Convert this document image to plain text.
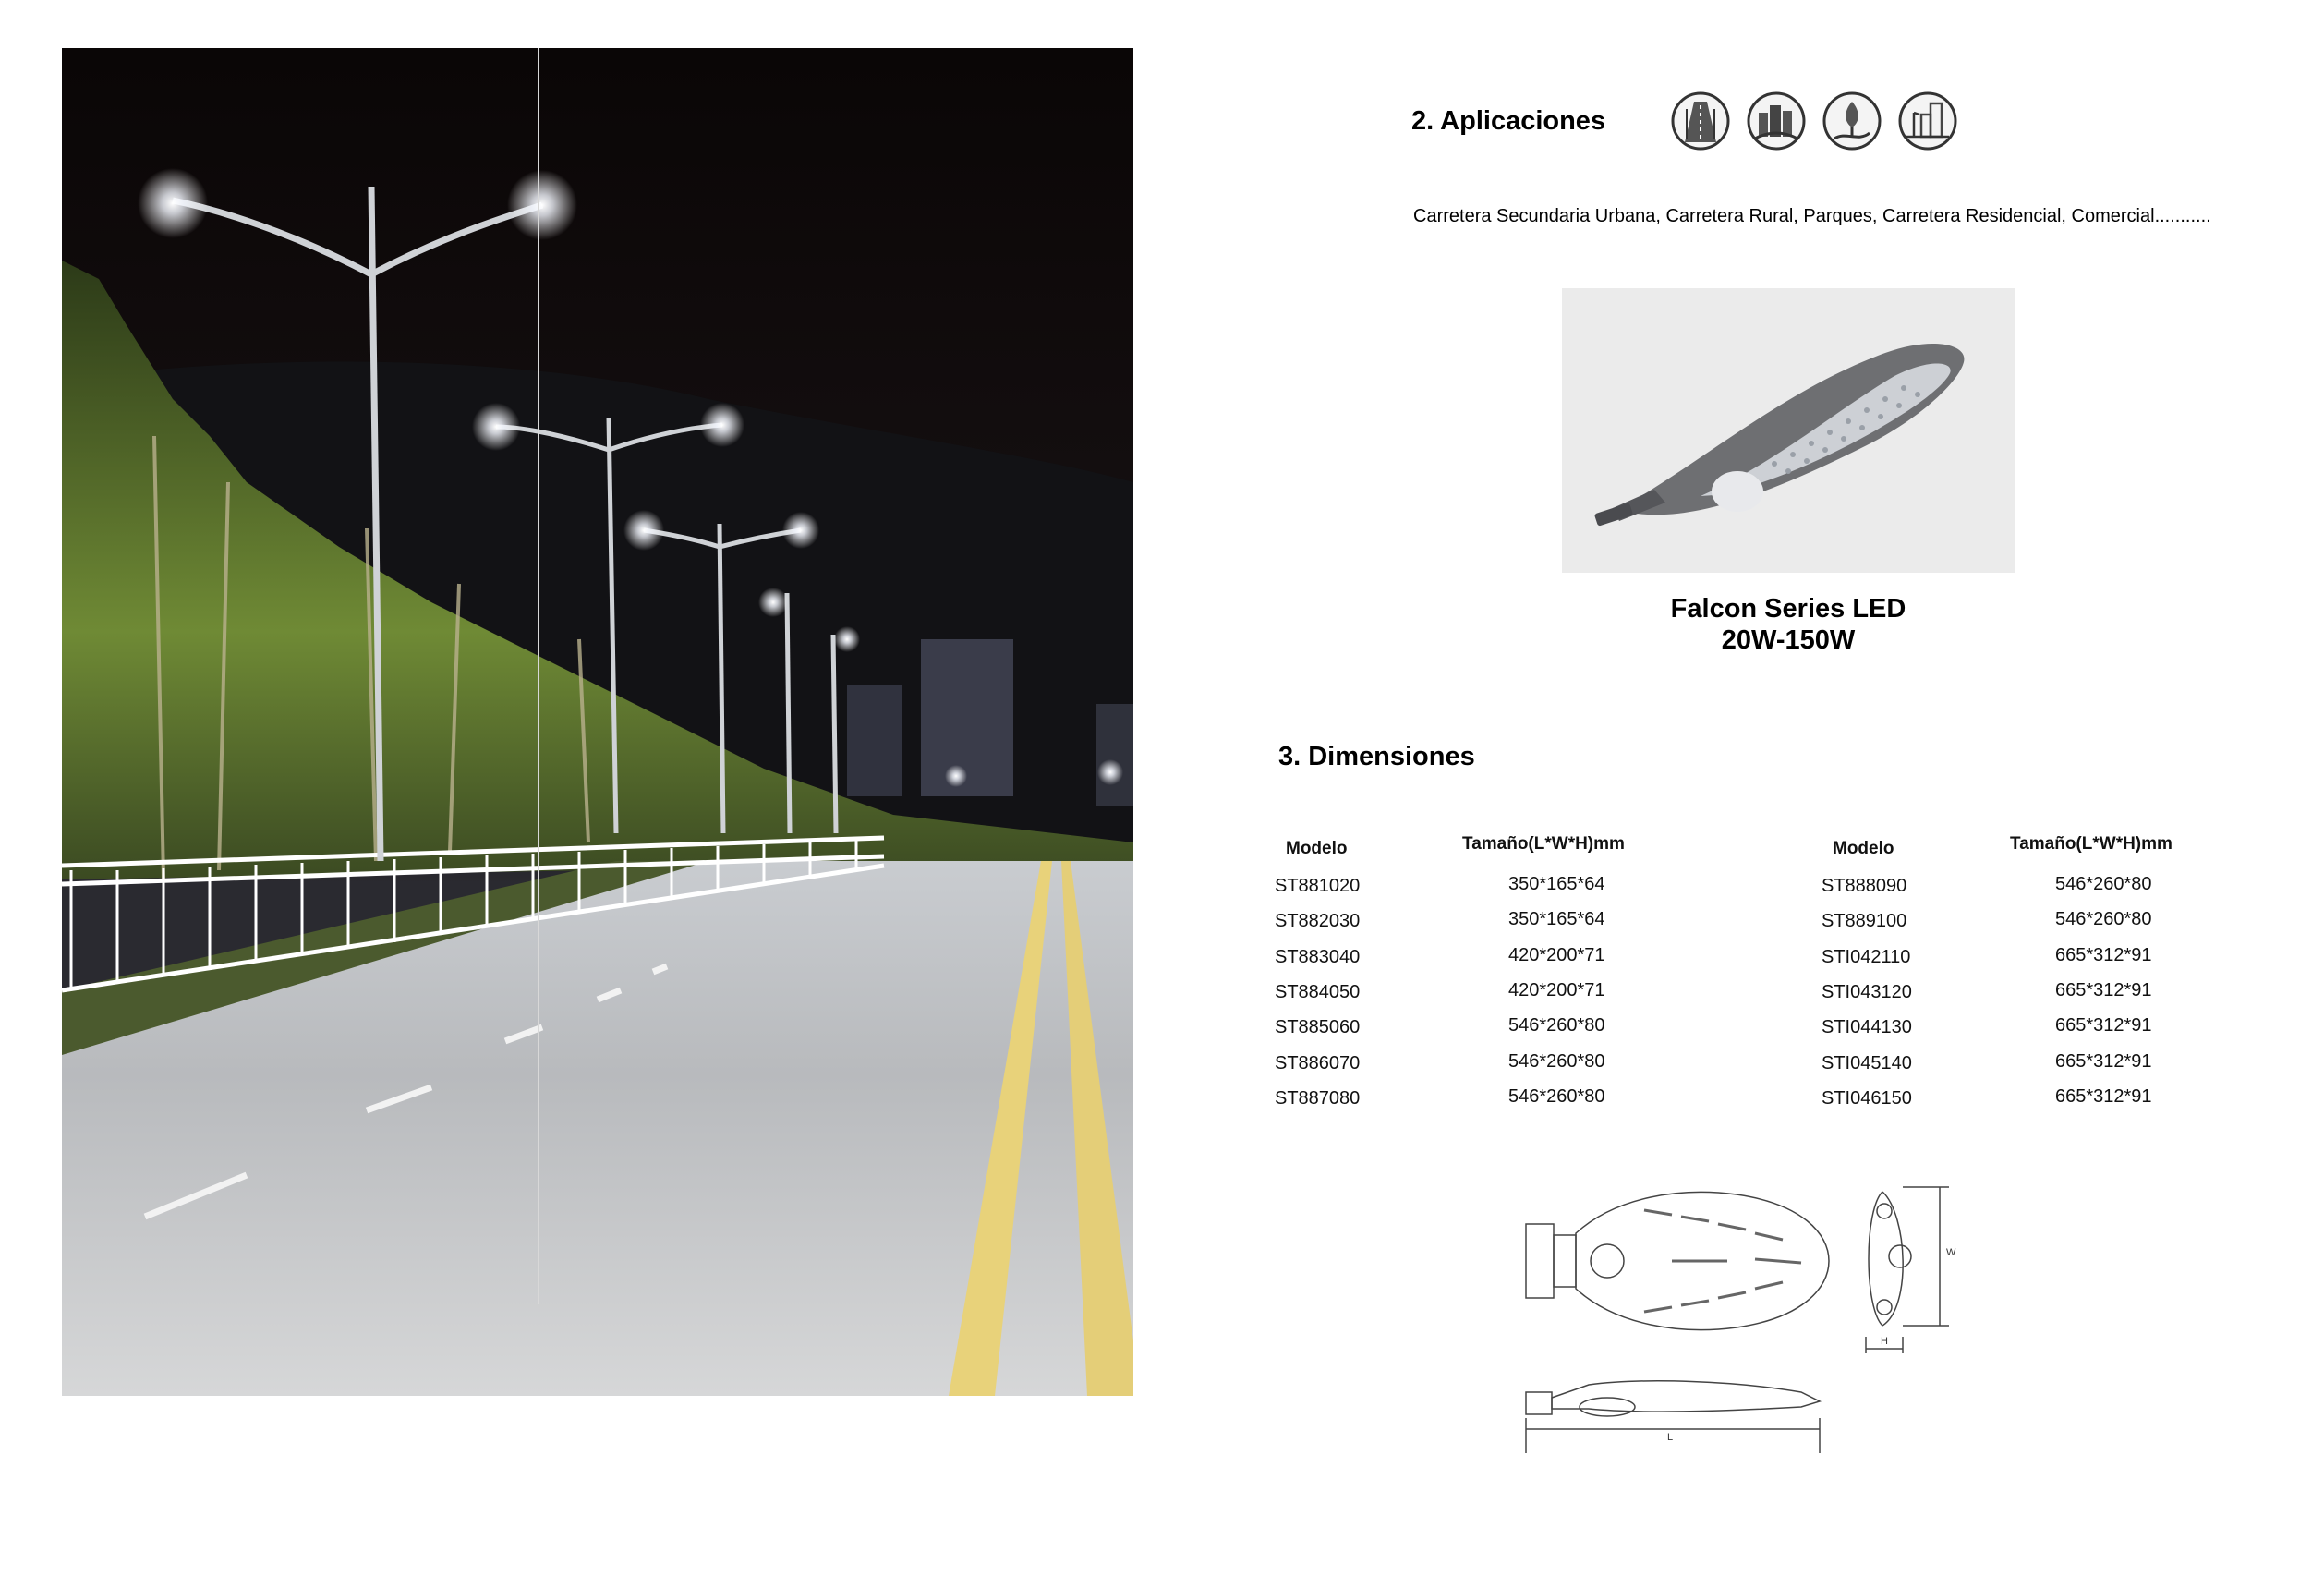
2. Aplicaciones
Carretera Secundaria Urbana, Carretera Rural, Parques, Carretera Residencial, Comercial...........
Falcon Series LED
20W-150W
3. Dimensiones
Modelo	Tamaño(L*W*H)mm
ST881020	350*165*64
ST882030	350*165*64
ST883040	420*200*71
ST884050	420*200*71
ST885060	546*260*80
ST886070	546*260*80
ST887080	546*260*80
Modelo	Tamaño(L*W*H)mm
ST888090	546*260*80
ST889100	546*260*80
STI042110	665*312*91
STI043120	665*312*91
STI044130	665*312*91
STI045140	665*312*91
STI046150	665*312*91
W
H
L
